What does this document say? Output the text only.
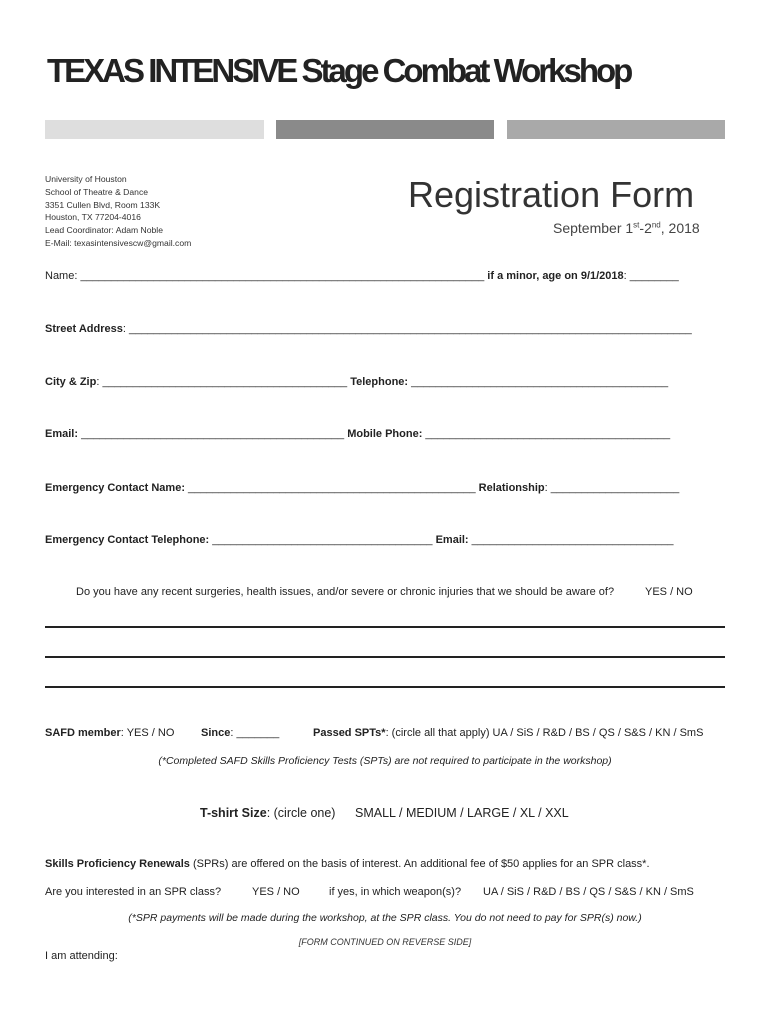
TEXAS INTENSIVE Stage Combat Workshop
University of Houston
School of Theatre & Dance
3351 Cullen Blvd, Room 133K
Houston, TX 77204-4016
Lead Coordinator: Adam Noble
E-Mail: texasintensivescw@gmail.com
Registration Form
September 1st-2nd, 2018
Name: __________________________________________________________________ if a minor, age on 9/1/2018: ________
Street Address: ____________________________________________________________________________________________
City & Zip: ________________________________________ Telephone: __________________________________________
Email: ___________________________________________ Mobile Phone: ________________________________________
Emergency Contact Name: _______________________________________________ Relationship: _____________________
Emergency Contact Telephone: ____________________________________ Email: _________________________________
Do you have any recent surgeries, health issues, and/or severe or chronic injuries that we should be aware of?	YES / NO
SAFD member: YES / NO Since: _______	Passed SPTs*: (circle all that apply) UA / SiS / R&D / BS / QS / S&S / KN / SmS
(*Completed SAFD Skills Proficiency Tests (SPTs) are not required to participate in the workshop)
T-shirt Size: (circle one) SMALL / MEDIUM / LARGE / XL / XXL
Skills Proficiency Renewals (SPRs) are offered on the basis of interest. An additional fee of $50 applies for an SPR class*.
Are you interested in an SPR class?	YES / NO	if yes, in which weapon(s)? UA / SiS / R&D / BS / QS / S&S / KN / SmS
(*SPR payments will be made during the workshop, at the SPR class. You do not need to pay for SPR(s) now.)
[FORM CONTINUED ON REVERSE SIDE]
I am attending:
